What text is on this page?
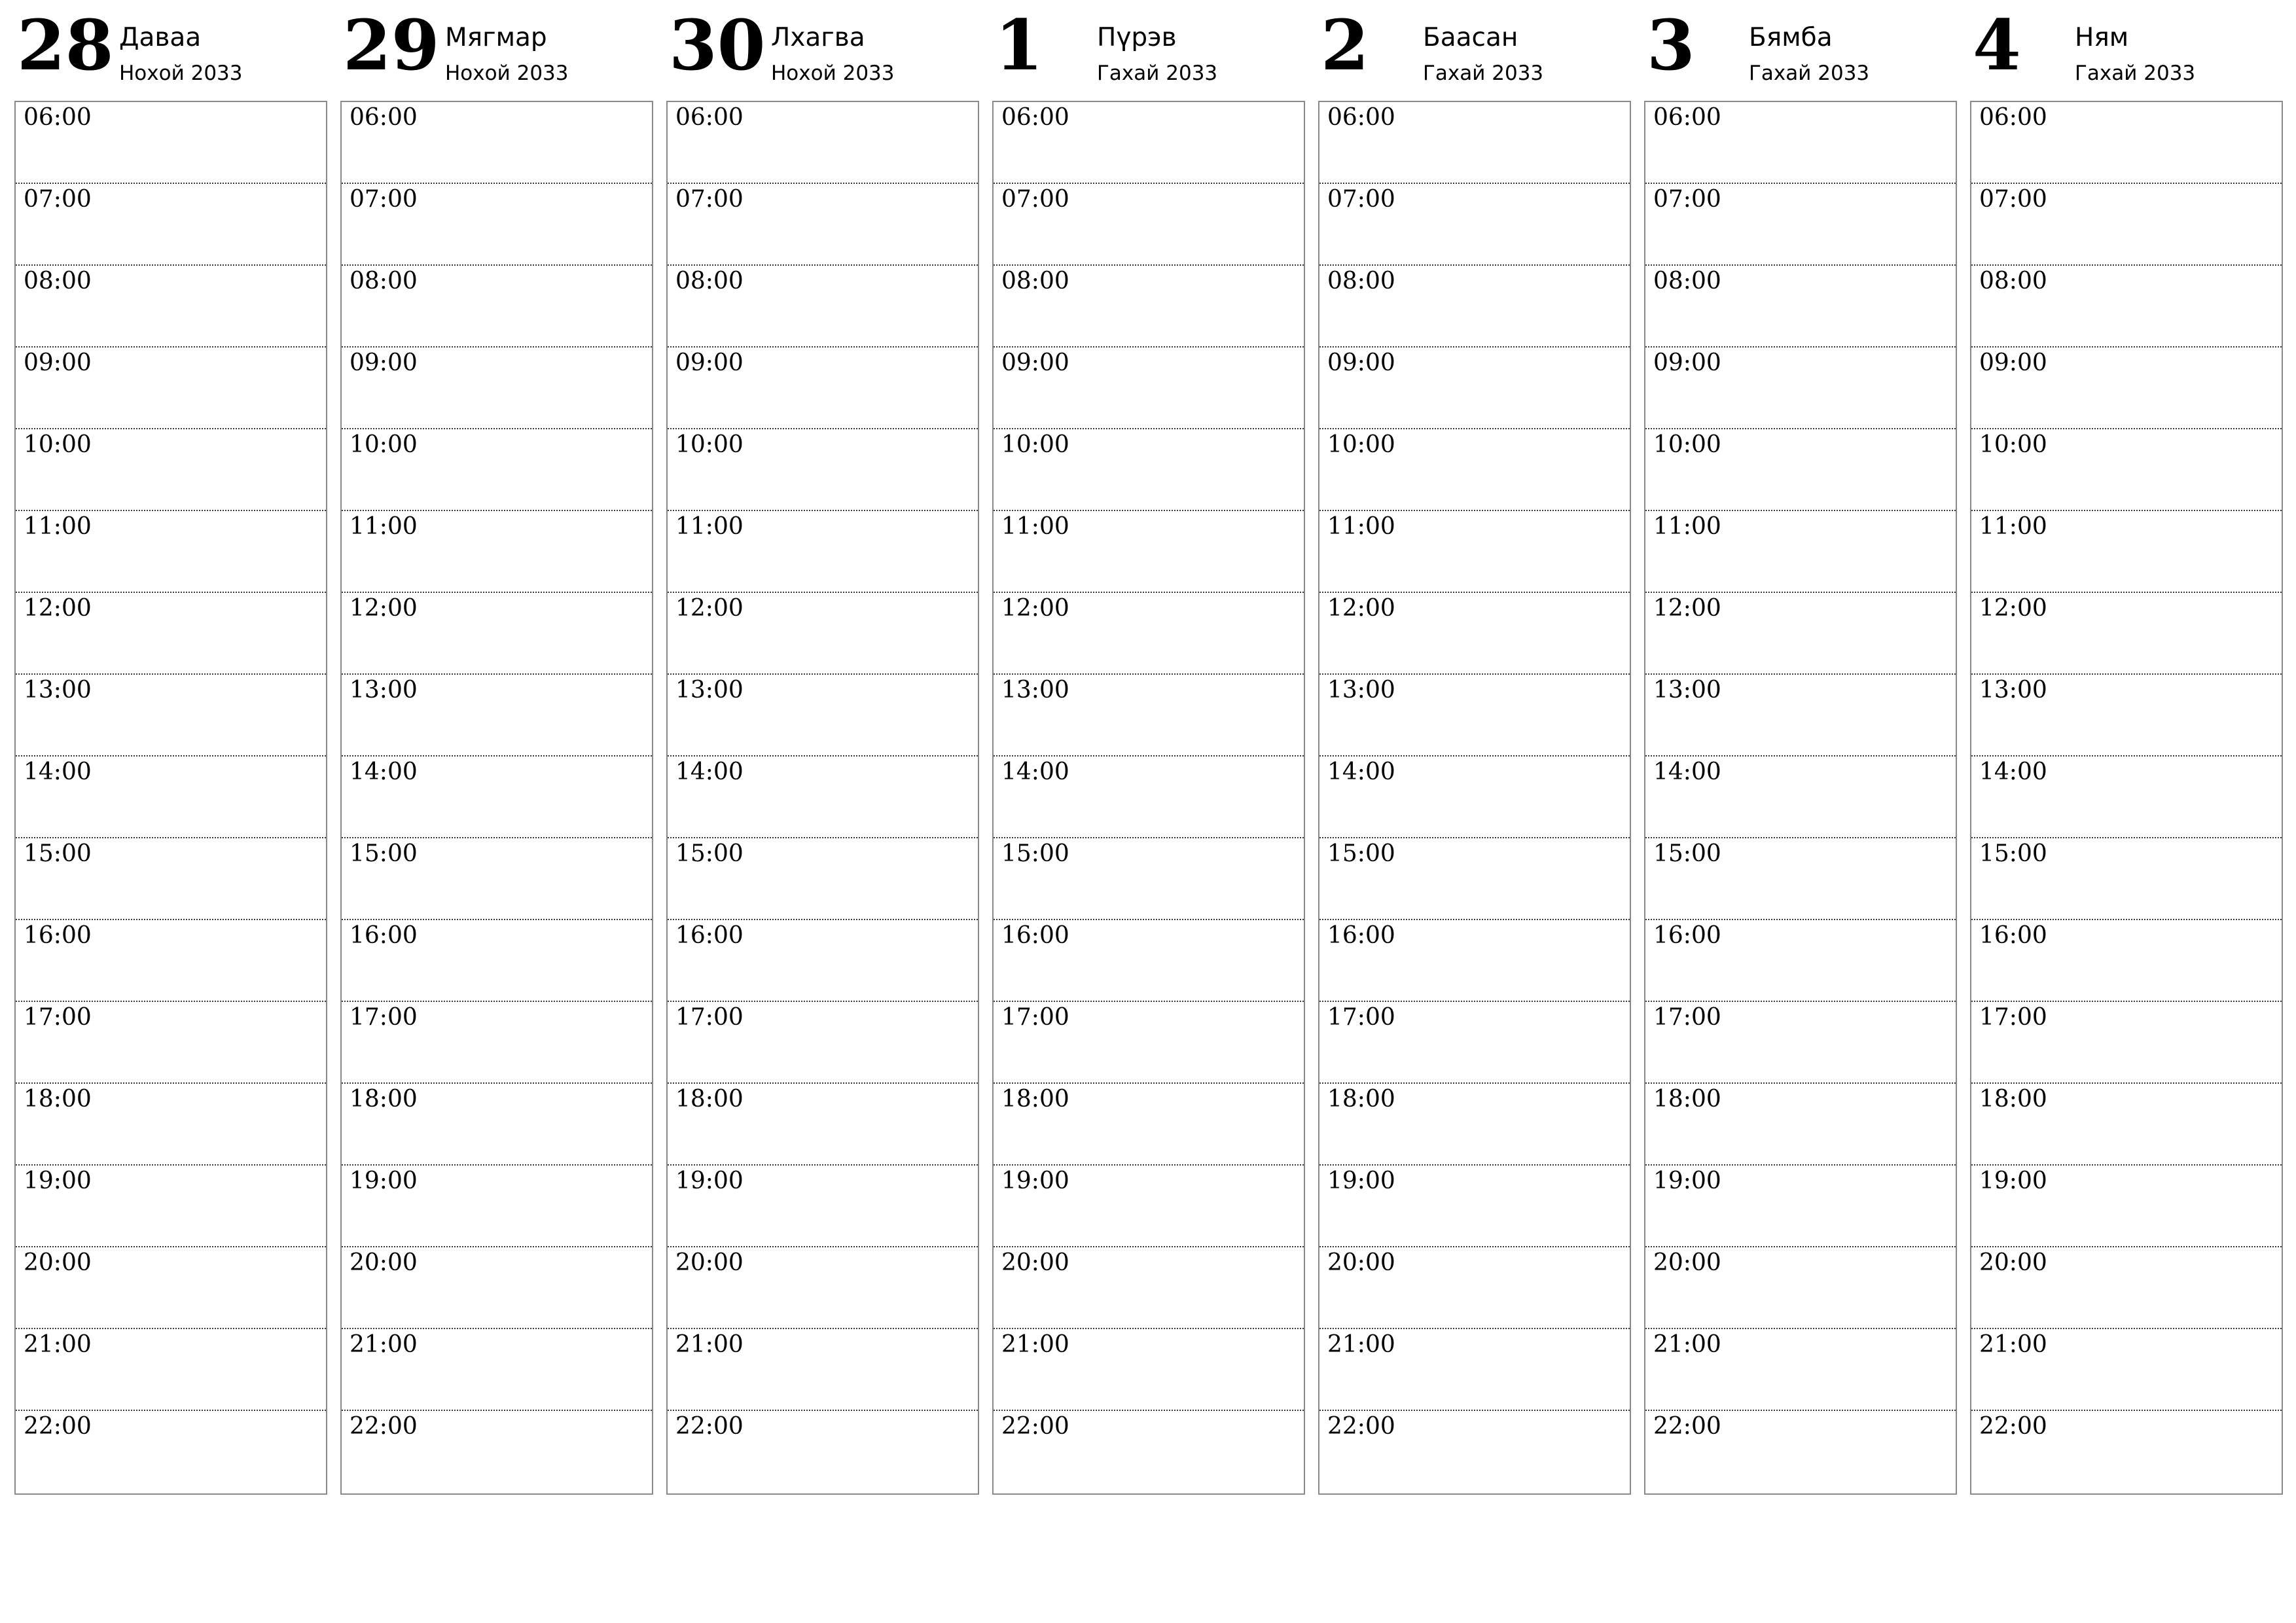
28 Даваа
Нохой 2033
06:00
07:00
08:00
09:00
10:00
11:00
12:00
13:00
14:00
15:00
16:00
17:00
18:00
19:00
20:00
21:00
22:00
29 Мягмар
Нохой 2033
06:00
07:00
08:00
09:00
10:00
11:00
12:00
13:00
14:00
15:00
16:00
17:00
18:00
19:00
20:00
21:00
22:00
30 Лхагва
Нохой 2033
06:00
07:00
08:00
09:00
10:00
11:00
12:00
13:00
14:00
15:00
16:00
17:00
18:00
19:00
20:00
21:00
22:00
1 Пүрэв
Гахай 2033
06:00
07:00
08:00
09:00
10:00
11:00
12:00
13:00
14:00
15:00
16:00
17:00
18:00
19:00
20:00
21:00
22:00
2 Баасан
Гахай 2033
06:00
07:00
08:00
09:00
10:00
11:00
12:00
13:00
14:00
15:00
16:00
17:00
18:00
19:00
20:00
21:00
22:00
3 Бямба
Гахай 2033
06:00
07:00
08:00
09:00
10:00
11:00
12:00
13:00
14:00
15:00
16:00
17:00
18:00
19:00
20:00
21:00
22:00
4 Ням
Гахай 2033
06:00
07:00
08:00
09:00
10:00
11:00
12:00
13:00
14:00
15:00
16:00
17:00
18:00
19:00
20:00
21:00
22:00
